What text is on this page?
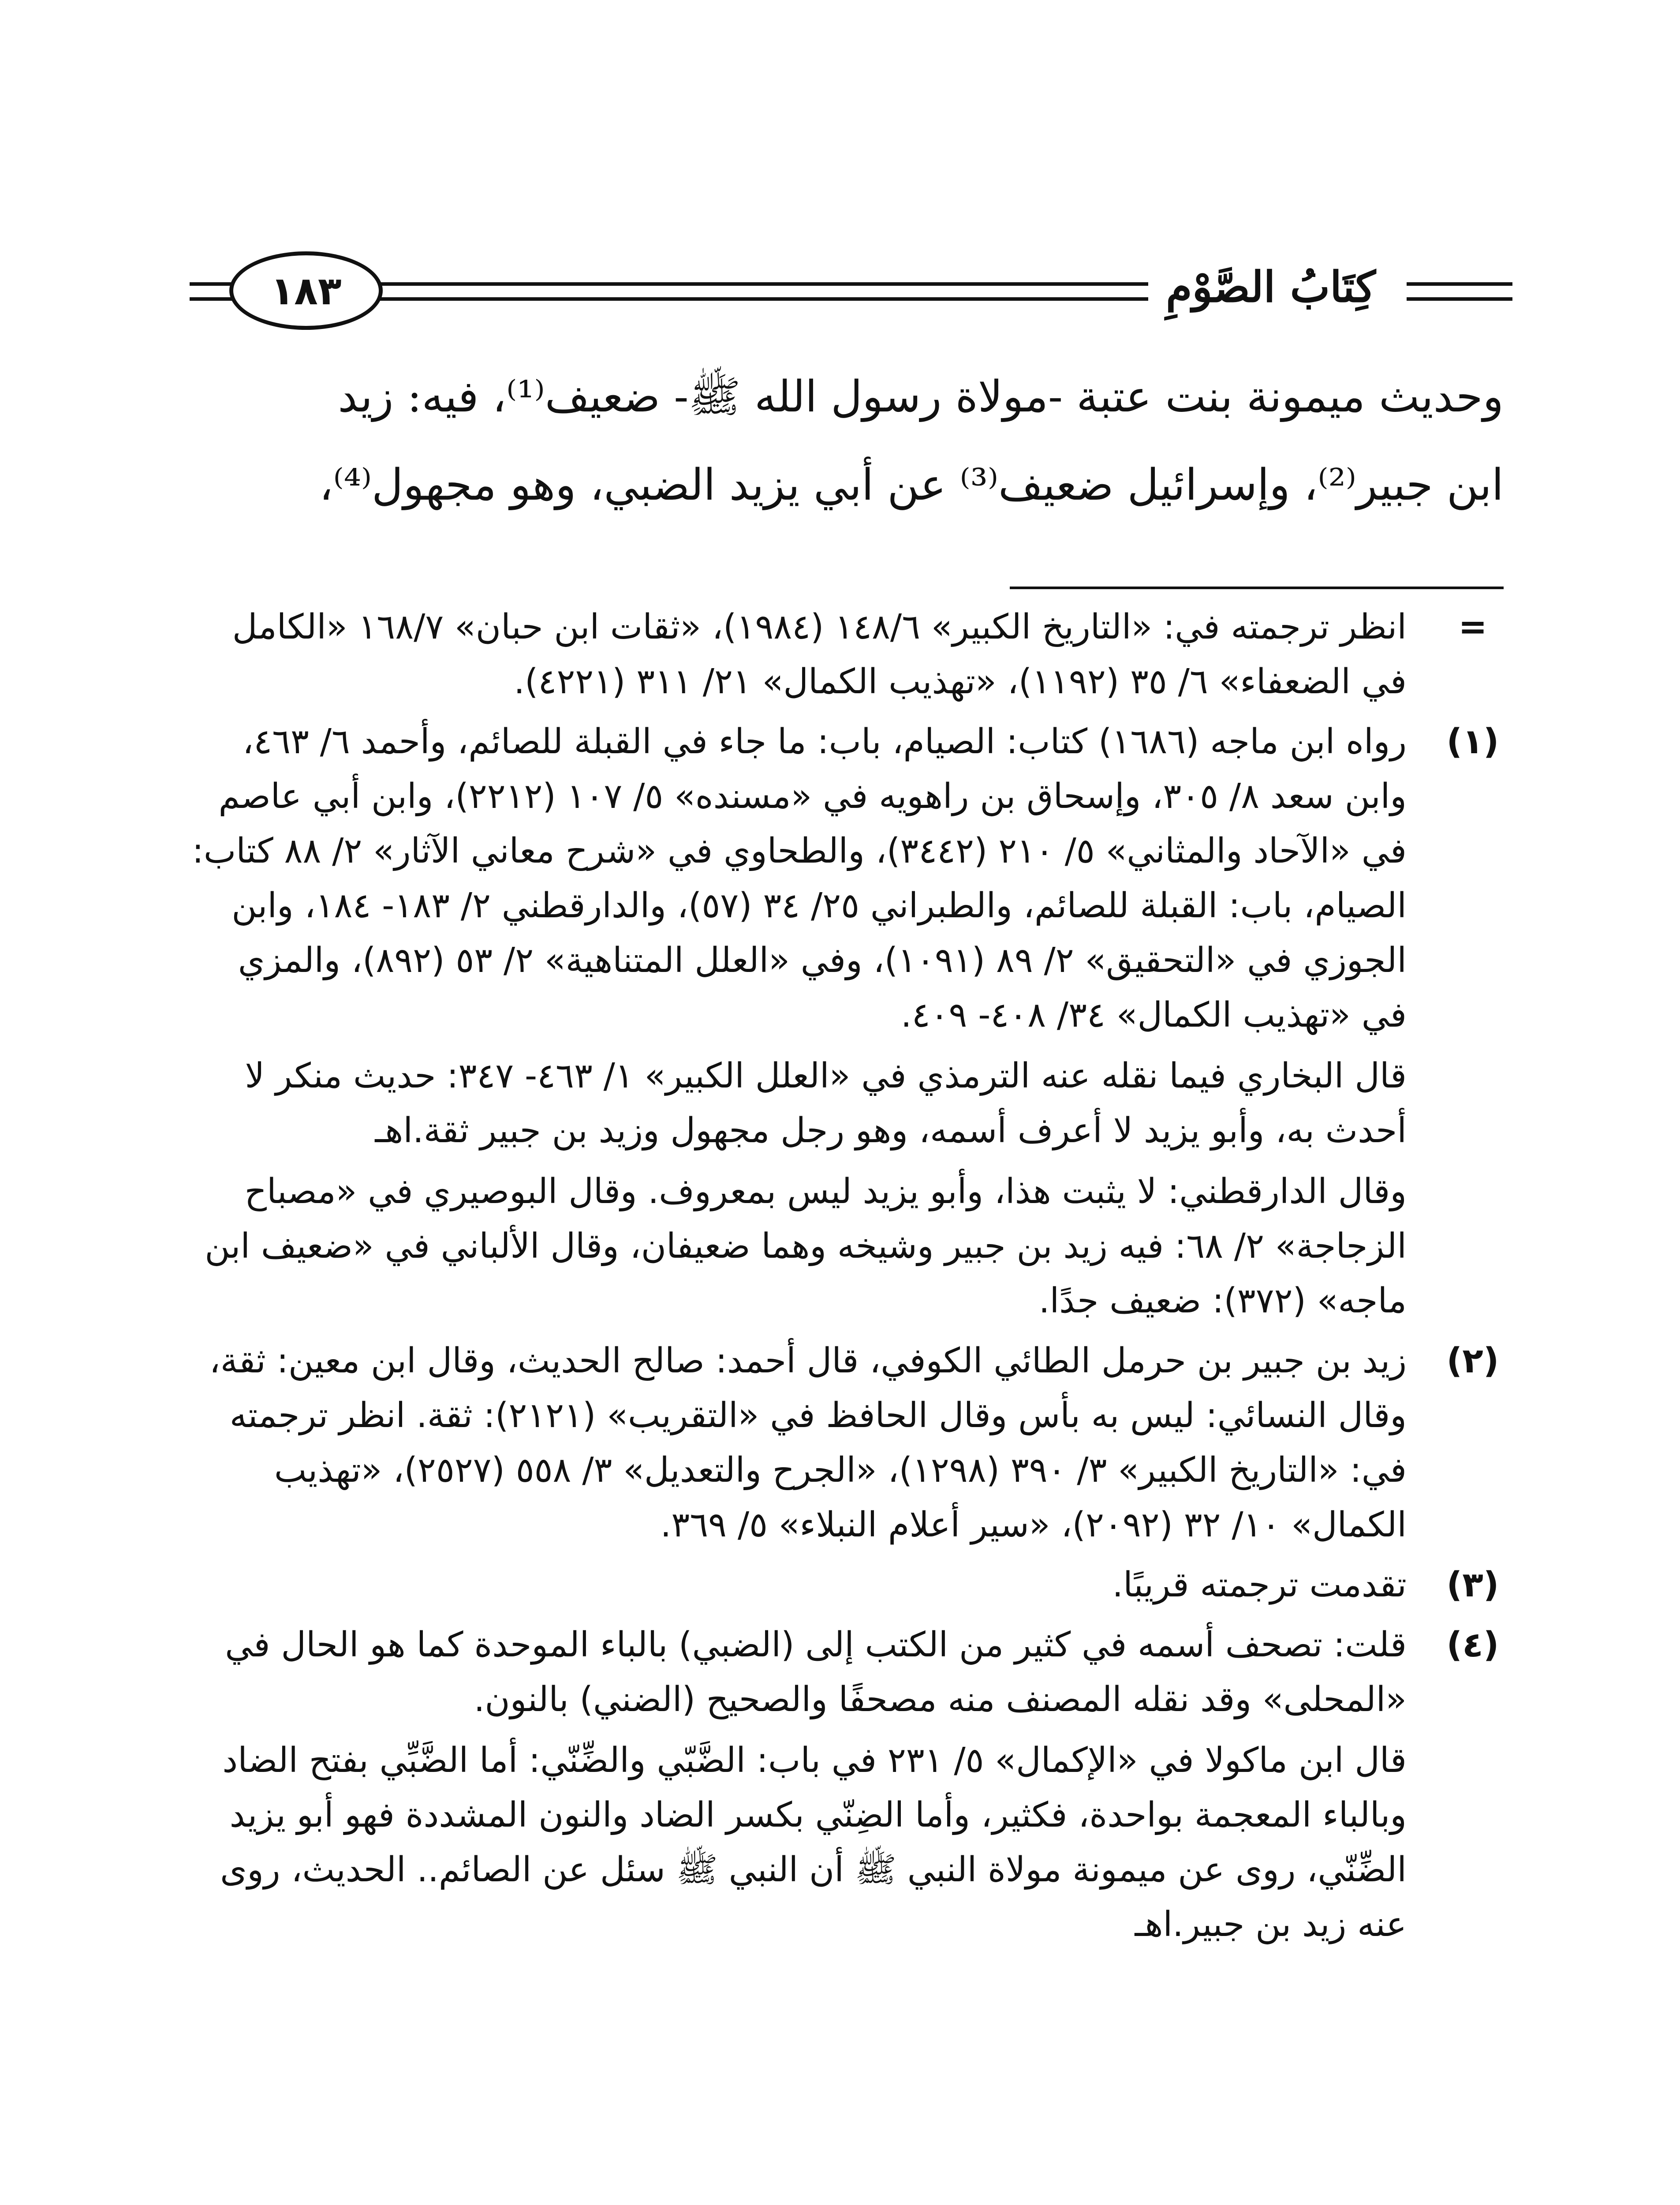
١٨٣	كِتَابُ الصَّوْمِ
وحديث ميمونة بنت عتبة -مولاة رسول الله ﷺ- ضعيف⁽¹⁾، فيه: زيد
ابن جبير⁽²⁾، وإسرائيل ضعيف⁽³⁾ عن أبي يزيد الضبي، وهو مجهول⁽⁴⁾،
=
انظر ترجمته في: «التاريخ الكبير» ١٤٨/٦ (١٩٨٤)، «ثقات ابن حبان» ١٦٨/٧ «الكامل في الضعفاء» ٦/ ٣٥ (١١٩٢)، «تهذيب الكمال» ٢١/ ٣١١ (٤٢٢١).
(١)
رواه ابن ماجه (١٦٨٦) كتاب: الصيام، باب: ما جاء في القبلة للصائم، وأحمد ٦/ ٤٦٣، وابن سعد ٨/ ٣٠٥، وإسحاق بن راهويه في «مسنده» ٥/ ١٠٧ (٢٢١٢)، وابن أبي عاصم في «الآحاد والمثاني» ٥/ ٢١٠ (٣٤٤٢)، والطحاوي في «شرح معاني الآثار» ٢/ ٨٨ كتاب: الصيام، باب: القبلة للصائم، والطبراني ٢٥/ ٣٤ (٥٧)، والدارقطني ٢/ ١٨٣- ١٨٤، وابن الجوزي في «التحقيق» ٢/ ٨٩ (١٠٩١)، وفي «العلل المتناهية» ٢/ ٥٣ (٨٩٢)، والمزي في «تهذيب الكمال» ٣٤/ ٤٠٨- ٤٠٩.
قال البخاري فيما نقله عنه الترمذي في «العلل الكبير» ١/ ٤٦٣- ٣٤٧: حديث منكر لا أحدث به، وأبو يزيد لا أعرف أسمه، وهو رجل مجهول وزيد بن جبير ثقة.اهـ
وقال الدارقطني: لا يثبت هذا، وأبو يزيد ليس بمعروف. وقال البوصيري في «مصباح الزجاجة» ٢/ ٦٨: فيه زيد بن جبير وشيخه وهما ضعيفان، وقال الألباني في «ضعيف ابن ماجه» (٣٧٢): ضعيف جدًا.
(٢)
زيد بن جبير بن حرمل الطائي الكوفي، قال أحمد: صالح الحديث، وقال ابن معين: ثقة، وقال النسائي: ليس به بأس وقال الحافظ في «التقريب» (٢١٢١): ثقة. انظر ترجمته في: «التاريخ الكبير» ٣/ ٣٩٠ (١٢٩٨)، «الجرح والتعديل» ٣/ ٥٥٨ (٢٥٢٧)، «تهذيب الكمال» ١٠/ ٣٢ (٢٠٩٢)، «سير أعلام النبلاء» ٥/ ٣٦٩.
(٣)
تقدمت ترجمته قريبًا.
(٤)
قلت: تصحف أسمه في كثير من الكتب إلى (الضبي) بالباء الموحدة كما هو الحال في «المحلى» وقد نقله المصنف منه مصحفًا والصحيح (الضني) بالنون.
قال ابن ماكولا في «الإكمال» ٥/ ٢٣١ في باب: الضَّبّي والضِّنّي: أما الضَّبِّي بفتح الضاد وبالباء المعجمة بواحدة، فكثير، وأما الضِنّي بكسر الضاد والنون المشددة فهو أبو يزيد الضِّنّي، روى عن ميمونة مولاة النبي ﷺ أن النبي ﷺ سئل عن الصائم.. الحديث، روى عنه زيد بن جبير.اهـ
